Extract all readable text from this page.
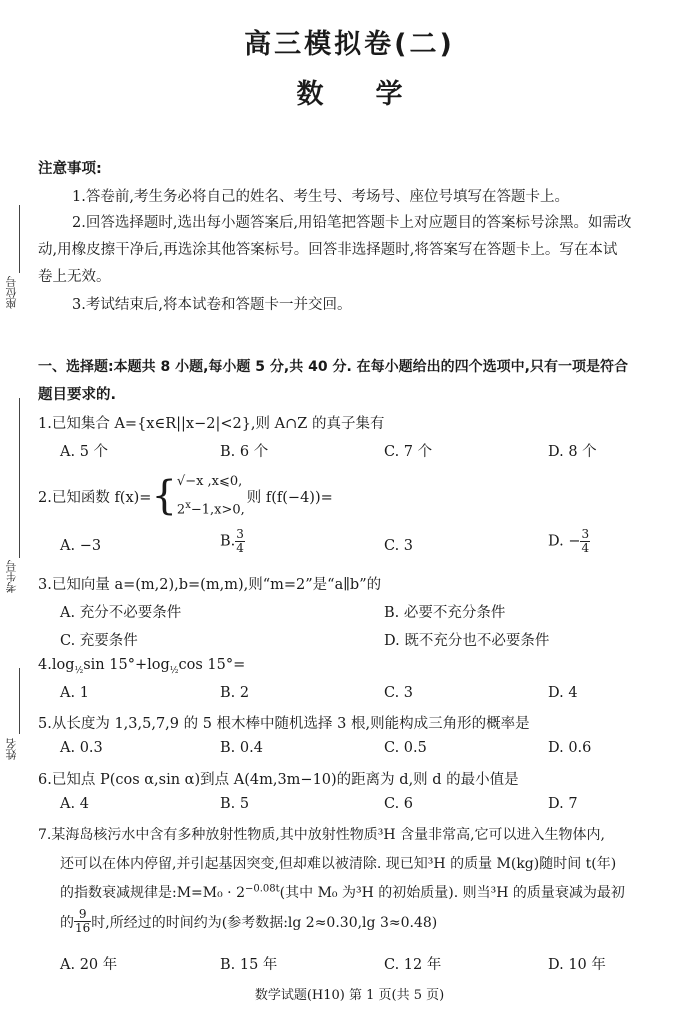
高三模拟卷(二)
数 学
座位号
考生号
姓名
注意事项:
1.答卷前,考生务必将自己的姓名、考生号、考场号、座位号填写在答题卡上。
2.回答选择题时,选出每小题答案后,用铅笔把答题卡上对应题目的答案标号涂黑。如需改
动,用橡皮擦干净后,再选涂其他答案标号。回答非选择题时,将答案写在答题卡上。写在本试
卷上无效。
3.考试结束后,将本试卷和答题卡一并交回。
一、选择题:本题共 8 小题,每小题 5 分,共 40 分. 在每小题给出的四个选项中,只有一项是符合
题目要求的.
1.已知集合 A={x∈R||x−2|<2},则 A∩Z 的真子集有
A. 5 个	B. 6 个	C. 7 个	D. 8 个
2.已知函数 f(x)= { √−x ,x⩽0,
$2^x-1,x>0$,
则 f(f(−4))=
A. −3	B. $\frac{3}{4}$	C. 3	D. − $\frac{3}{4}$
3.已知向量 a=(m,2),b=(m,m),则“m=2”是“a∥b”的
A. 充分不必要条件	B. 必要不充分条件
C. 充要条件	D. 既不充分也不必要条件
$4.\log_{\frac{1}{2}}\sin$ $15^\circ+\log_{\frac{1}{2}}\cos$ 15°=
A. 1	B. 2	C. 3	D. 4
5.从长度为 1,3,5,7,9 的 5 根木棒中随机选择 3 根,则能构成三角形的概率是
A. 0.3	B. 0.4	C. 0.5	D. 0.6
6.已知点 P(cos α,sin α)到点 A(4m,3m−10)的距离为 d,则 d 的最小值是
A. 4	B. 5	C. 6	D. 7
7.某海岛核污水中含有多种放射性物质,其中放射性物质³H 含量非常高,它可以进入生物体内,
还可以在体内停留,并引起基因突变,但却难以被清除. 现已知³H 的质量 M(kg)随时间 t(年)
的指数衰减规律是:M=M₀ · $2^{-0.08t}$(其中 M₀ 为³H 的初始质量). 则当³H 的质量衰减为最初
的 $\frac{9}{16}$ 时,所经过的时间约为(参考数据:lg 2≈0.30,lg 3≈0.48)
A. 20 年	B. 15 年	C. 12 年	D. 10 年
数学试题(H10) 第 1 页(共 5 页)
